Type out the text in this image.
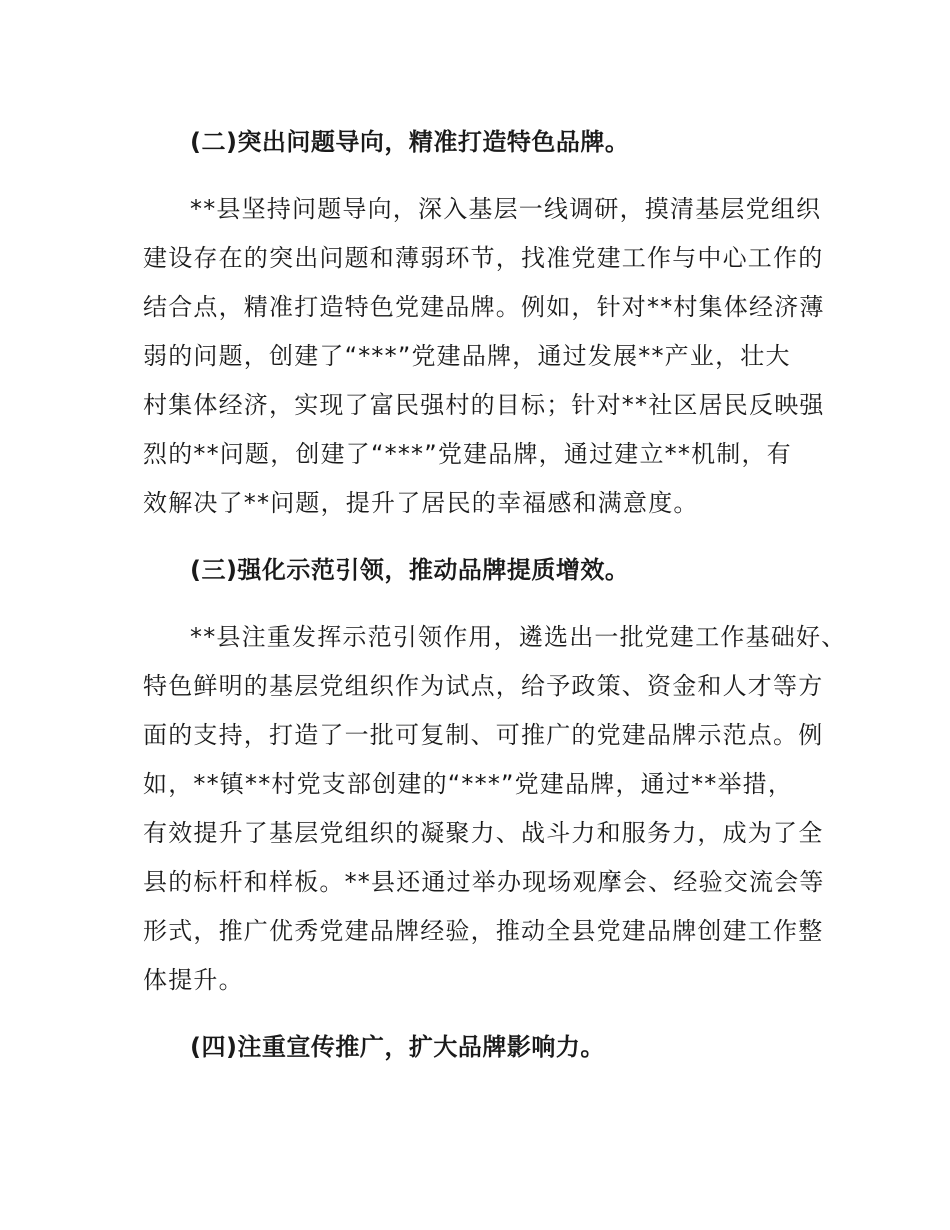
(二)突出问题导向，精准打造特色品牌。
**县坚持问题导向，深入基层一线调研，摸清基层党组织
建设存在的突出问题和薄弱环节，找准党建工作与中心工作的
结合点，精准打造特色党建品牌。例如，针对**村集体经济薄
弱的问题，创建了“***”党建品牌，通过发展**产业，壮大
村集体经济，实现了富民强村的目标；针对**社区居民反映强
烈的**问题，创建了“***”党建品牌，通过建立**机制，有
效解决了**问题，提升了居民的幸福感和满意度。
(三)强化示范引领，推动品牌提质增效。
**县注重发挥示范引领作用，遴选出一批党建工作基础好、
特色鲜明的基层党组织作为试点，给予政策、资金和人才等方
面的支持，打造了一批可复制、可推广的党建品牌示范点。例
如，**镇**村党支部创建的“***”党建品牌，通过**举措，
有效提升了基层党组织的凝聚力、战斗力和服务力，成为了全
县的标杆和样板。**县还通过举办现场观摩会、经验交流会等
形式，推广优秀党建品牌经验，推动全县党建品牌创建工作整
体提升。
(四)注重宣传推广，扩大品牌影响力。
